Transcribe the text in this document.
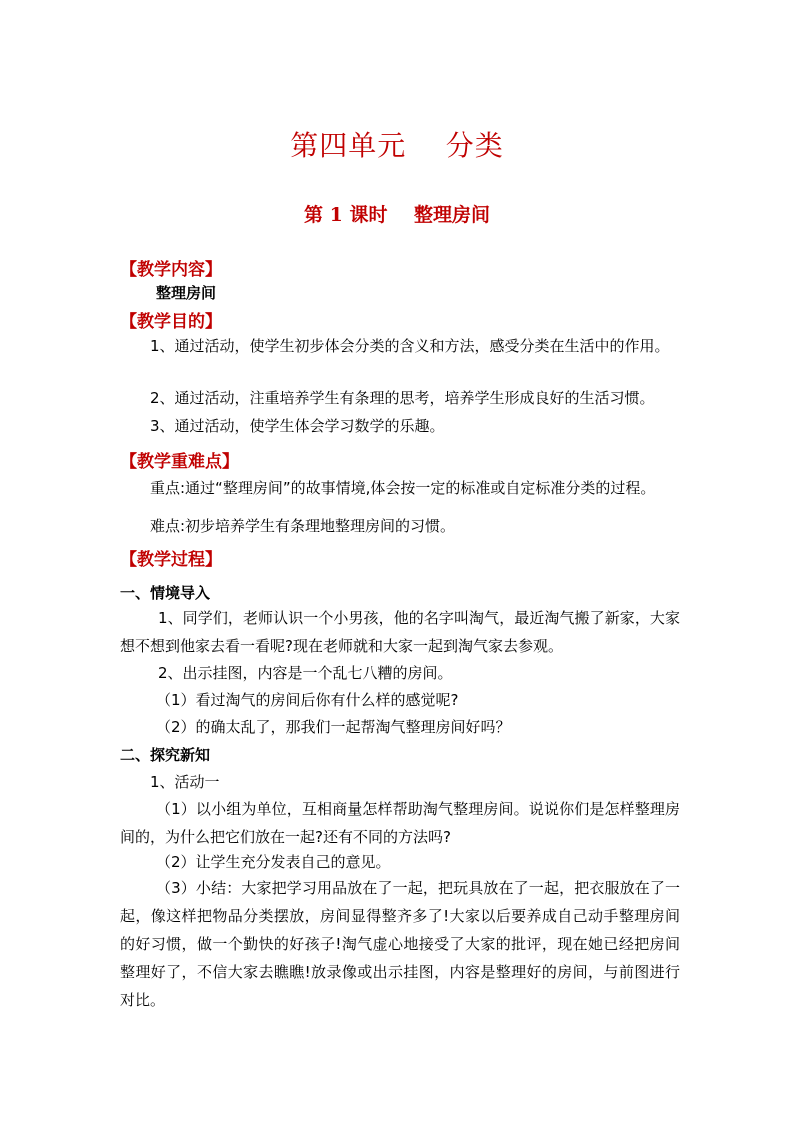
第四单元    分类
第 1 课时    整理房间
【教学内容】
整理房间
【教学目的】
1、通过活动，使学生初步体会分类的含义和方法，感受分类在生活中的作用。
2、通过活动，注重培养学生有条理的思考，培养学生形成良好的生活习惯。
3、通过活动，使学生体会学习数学的乐趣。
【教学重难点】
重点:通过“整理房间”的故事情境,体会按一定的标准或自定标准分类的过程。
难点:初步培养学生有条理地整理房间的习惯。
【教学过程】
一、情境导入
1、同学们，老师认识一个小男孩，他的名字叫淘气，最近淘气搬了新家，大家想不想到他家去看一看呢?现在老师就和大家一起到淘气家去参观。
2、出示挂图，内容是一个乱七八糟的房间。
（1）看过淘气的房间后你有什么样的感觉呢?
（2）的确太乱了，那我们一起帮淘气整理房间好吗？
二、探究新知
1、活动一
（1）以小组为单位，互相商量怎样帮助淘气整理房间。说说你们是怎样整理房间的，为什么把它们放在一起?还有不同的方法吗?
（2）让学生充分发表自己的意见。
（3）小结：大家把学习用品放在了一起，把玩具放在了一起，把衣服放在了一起，像这样把物品分类摆放，房间显得整齐多了!大家以后要养成自己动手整理房间的好习惯，做一个勤快的好孩子!淘气虚心地接受了大家的批评，现在她已经把房间整理好了，不信大家去瞧瞧!放录像或出示挂图，内容是整理好的房间，与前图进行对比。
